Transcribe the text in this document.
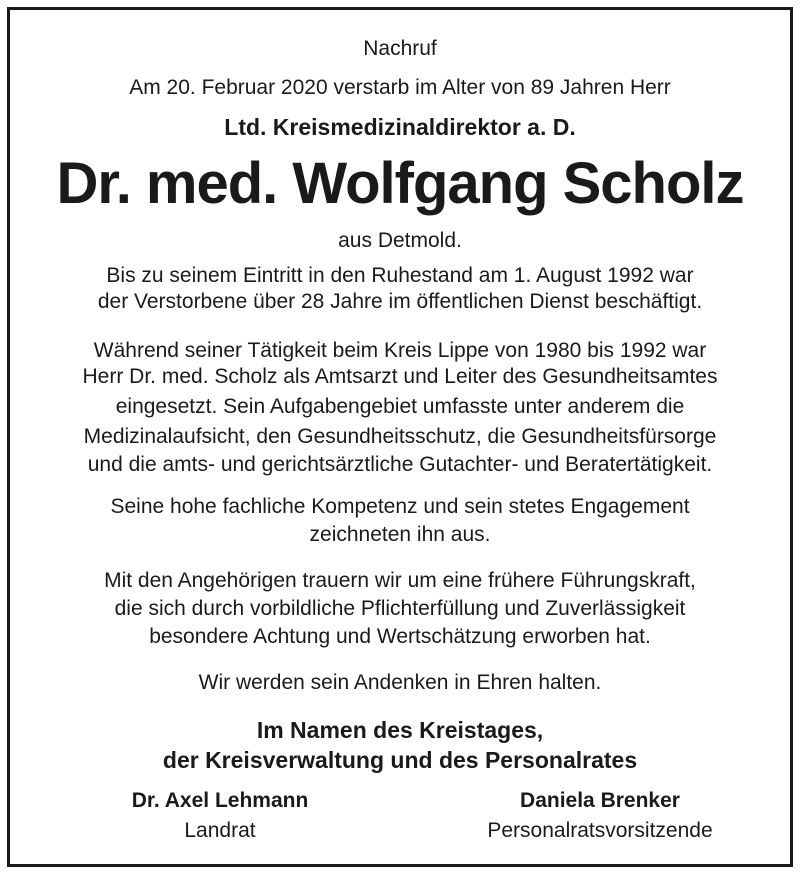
Nachruf
Am 20. Februar 2020 verstarb im Alter von 89 Jahren Herr
Ltd. Kreismedizinaldirektor a. D.
Dr. med. Wolfgang Scholz
aus Detmold.
Bis zu seinem Eintritt in den Ruhestand am 1. August 1992 war
der Verstorbene über 28 Jahre im öffentlichen Dienst beschäftigt.
Während seiner Tätigkeit beim Kreis Lippe von 1980 bis 1992 war
Herr Dr. med. Scholz als Amtsarzt und Leiter des Gesundheitsamtes
eingesetzt. Sein Aufgabengebiet umfasste unter anderem die
Medizinalaufsicht, den Gesundheitsschutz, die Gesundheitsfürsorge
und die amts- und gerichtsärztliche Gutachter- und Beratertätigkeit.
Seine hohe fachliche Kompetenz und sein stetes Engagement
zeichneten ihn aus.
Mit den Angehörigen trauern wir um eine frühere Führungskraft,
die sich durch vorbildliche Pflichterfüllung und Zuverlässigkeit
besondere Achtung und Wertschätzung erworben hat.
Wir werden sein Andenken in Ehren halten.
Im Namen des Kreistages,
der Kreisverwaltung und des Personalrates
Dr. Axel Lehmann
Landrat
Daniela Brenker
Personalratsvorsitzende
